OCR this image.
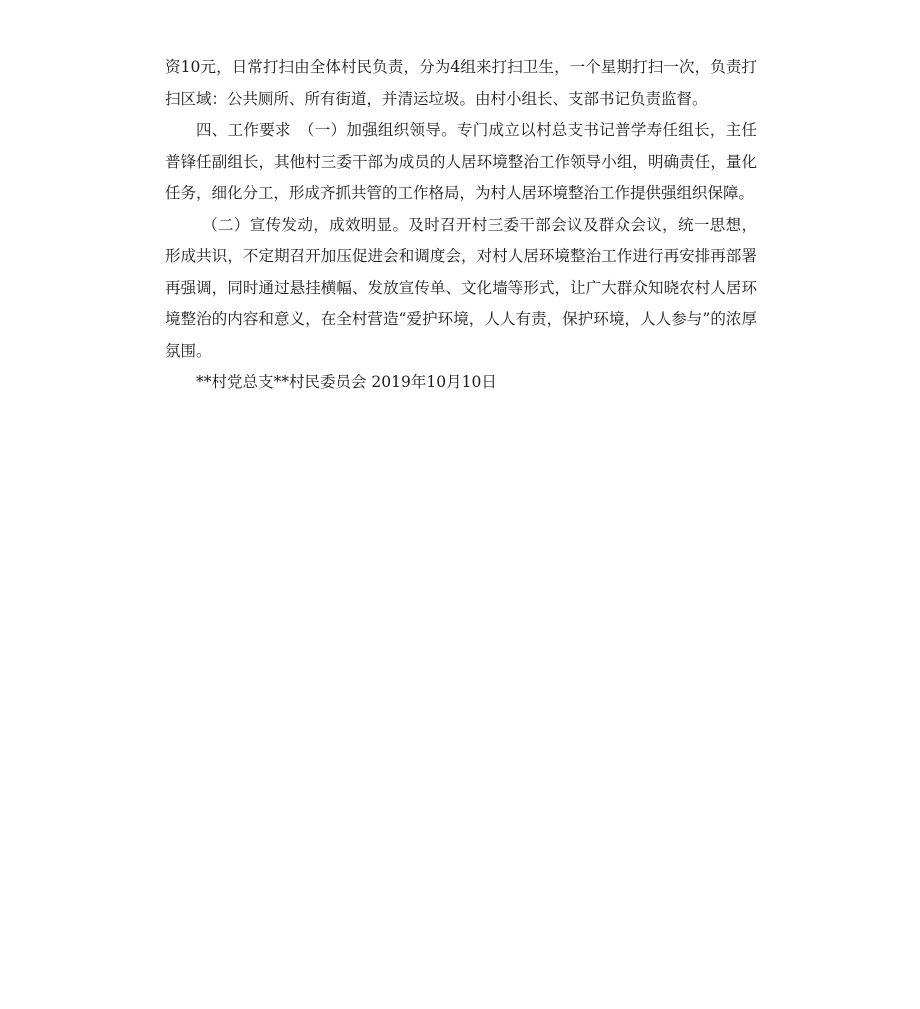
资10元，日常打扫由全体村民负责，分为4组来打扫卫生，一个星期打扫一次，负责打扫区域：公共厕所、所有街道，并清运垃圾。由村小组长、支部书记负责监督。

四、工作要求　（一）加强组织领导。专门成立以村总支书记普学寿任组长，主任普锋任副组长，其他村三委干部为成员的人居环境整治工作领导小组，明确责任，量化任务，细化分工，形成齐抓共管的工作格局，为村人居环境整治工作提供强组织保障。

（二）宣传发动，成效明显。及时召开村三委干部会议及群众会议，统一思想，形成共识，不定期召开加压促进会和调度会，对村人居环境整治工作进行再安排再部署再强调，同时通过悬挂横幅、发放宣传单、文化墙等形式，让广大群众知晓农村人居环境整治的内容和意义，在全村营造“爱护环境，人人有责，保护环境，人人参与”的浓厚氛围。

**村党总支**村民委员会 2019年10月10日
